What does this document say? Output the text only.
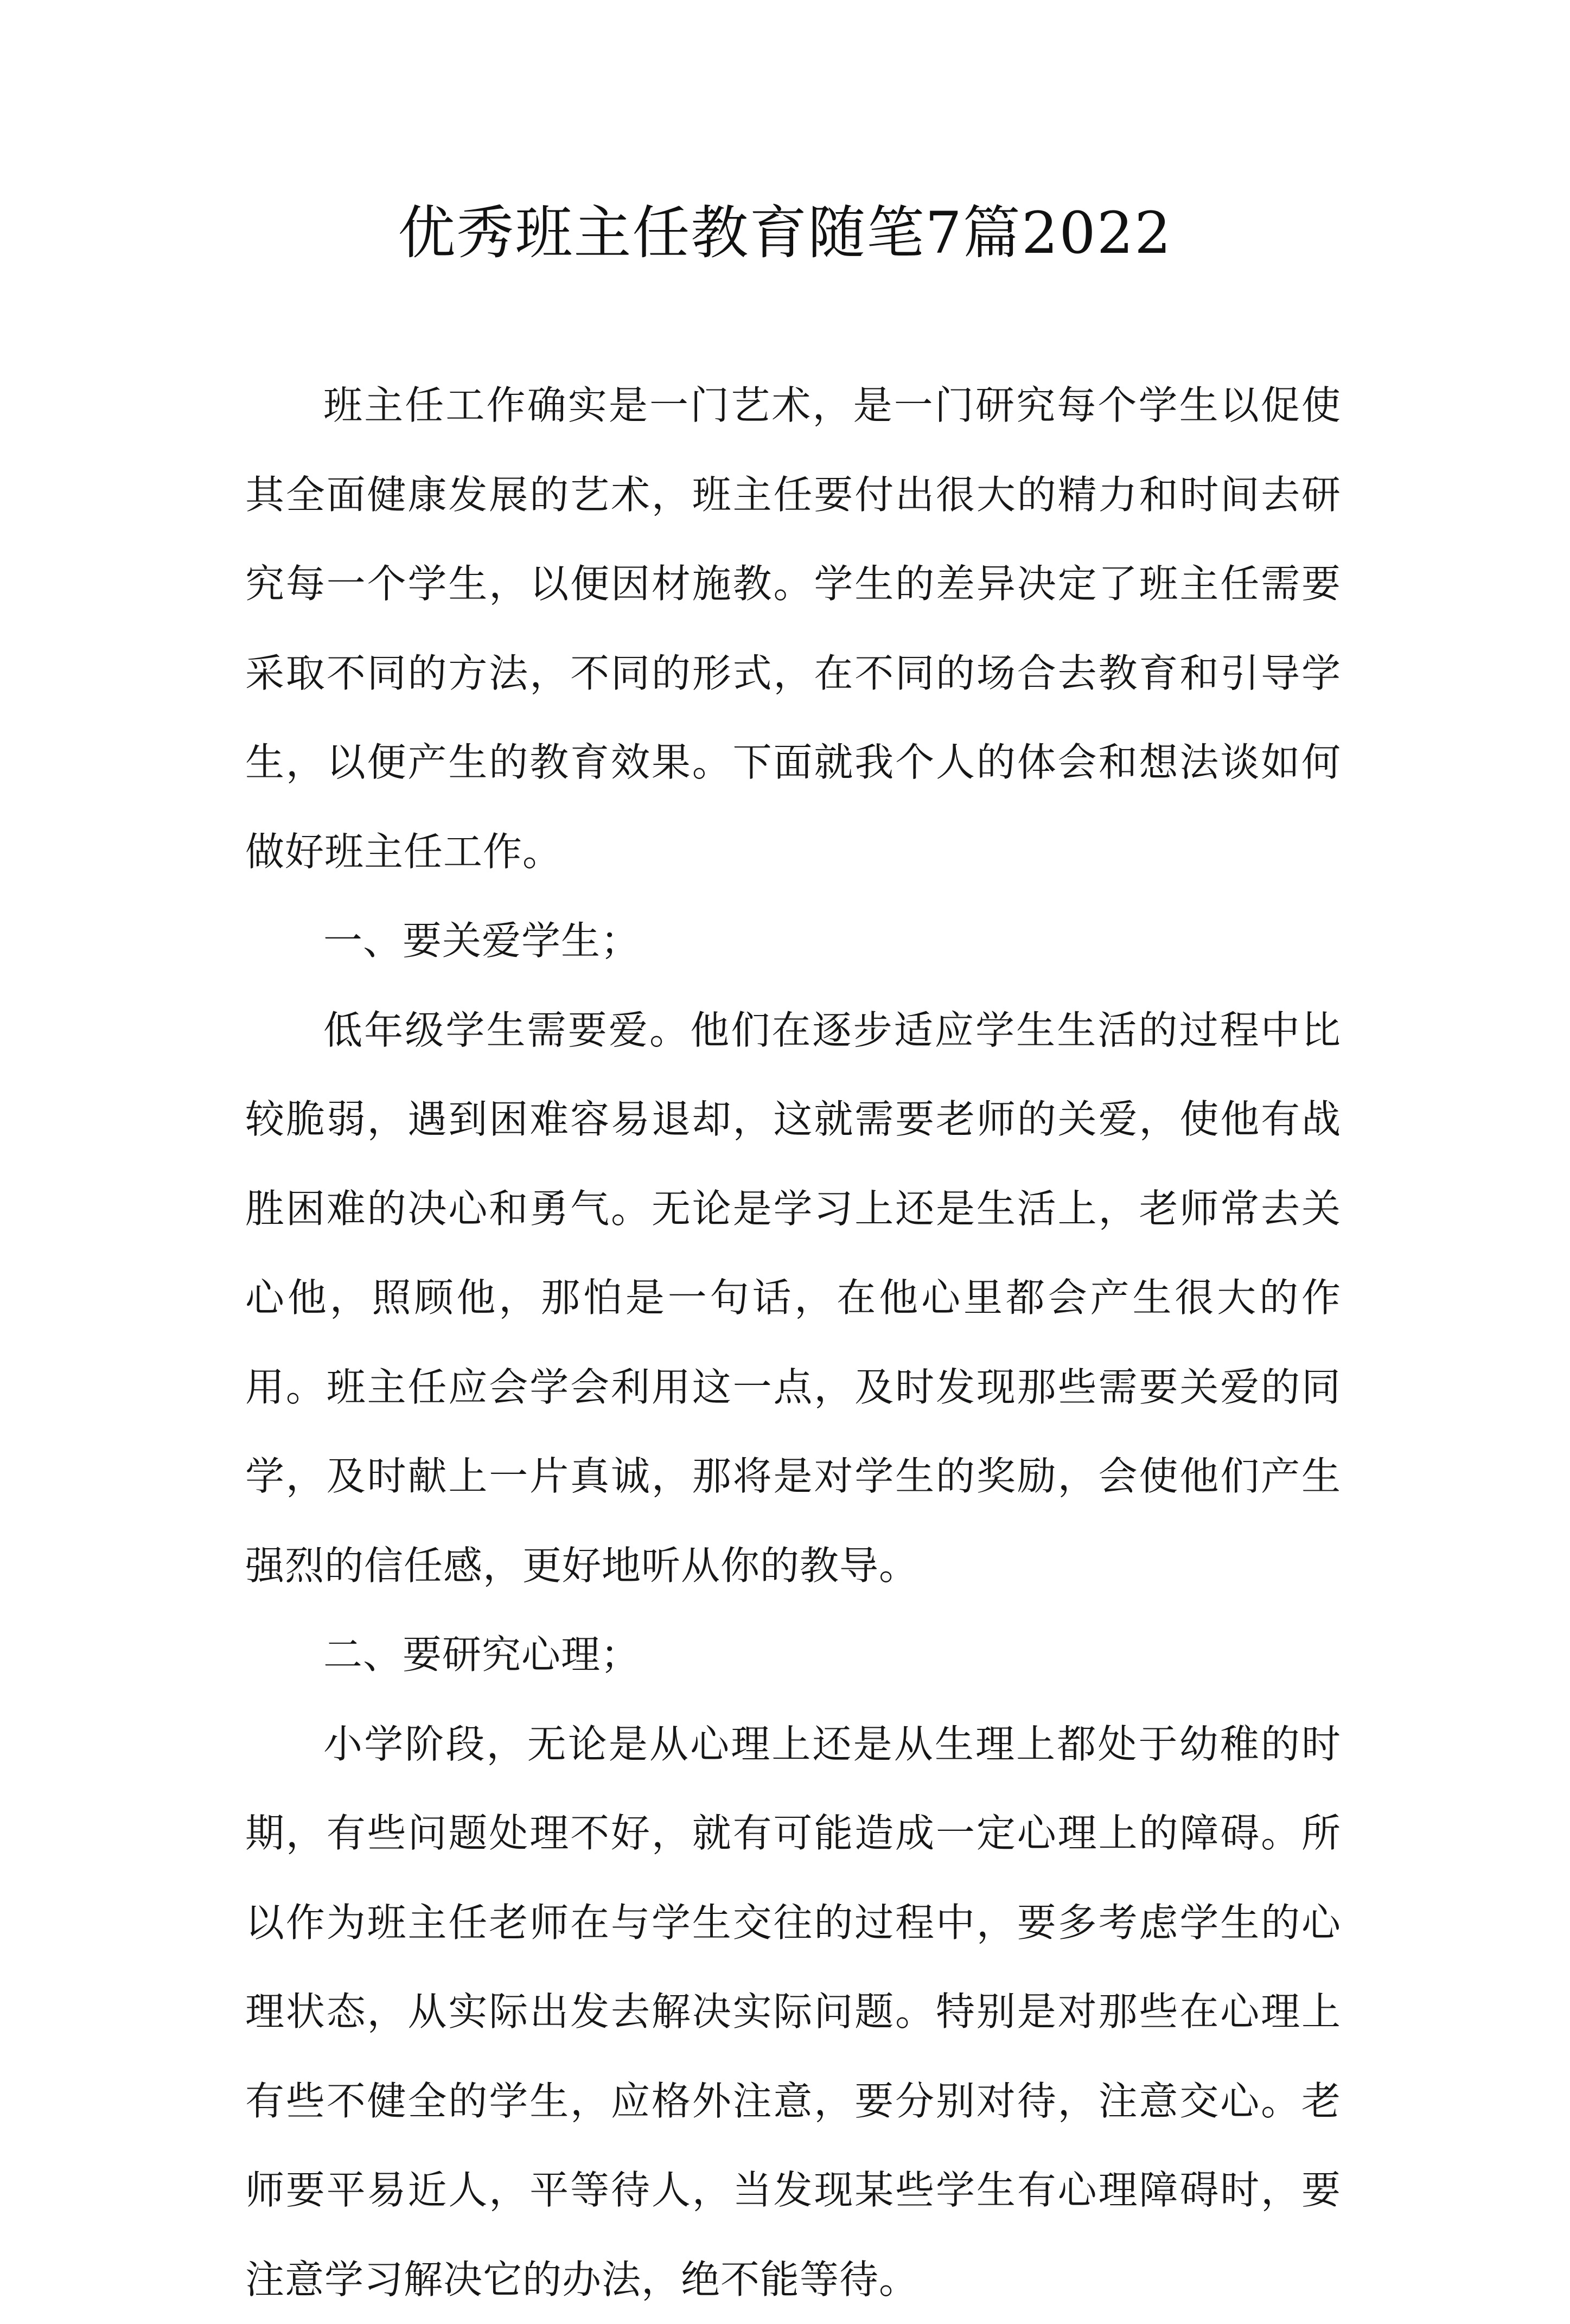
优秀班主任教育随笔7篇2022

班主任工作确实是一门艺术，是一门研究每个学生以促使其全面健康发展的艺术，班主任要付出很大的精力和时间去研究每一个学生，以便因材施教。学生的差异决定了班主任需要采取不同的方法，不同的形式，在不同的场合去教育和引导学生，以便产生的教育效果。下面就我个人的体会和想法谈如何做好班主任工作。

一、要关爱学生；

低年级学生需要爱。他们在逐步适应学生生活的过程中比较脆弱，遇到困难容易退却，这就需要老师的关爱，使他有战胜困难的决心和勇气。无论是学习上还是生活上，老师常去关心他，照顾他，那怕是一句话，在他心里都会产生很大的作用。班主任应会学会利用这一点，及时发现那些需要关爱的同学，及时献上一片真诚，那将是对学生的奖励，会使他们产生强烈的信任感，更好地听从你的教导。

二、要研究心理；

小学阶段，无论是从心理上还是从生理上都处于幼稚的时期，有些问题处理不好，就有可能造成一定心理上的障碍。所以作为班主任老师在与学生交往的过程中，要多考虑学生的心理状态，从实际出发去解决实际问题。特别是对那些在心理上有些不健全的学生，应格外注意，要分别对待，注意交心。老师要平易近人，平等待人，当发现某些学生有心理障碍时，要注意学习解决它的办法，绝不能等待。
